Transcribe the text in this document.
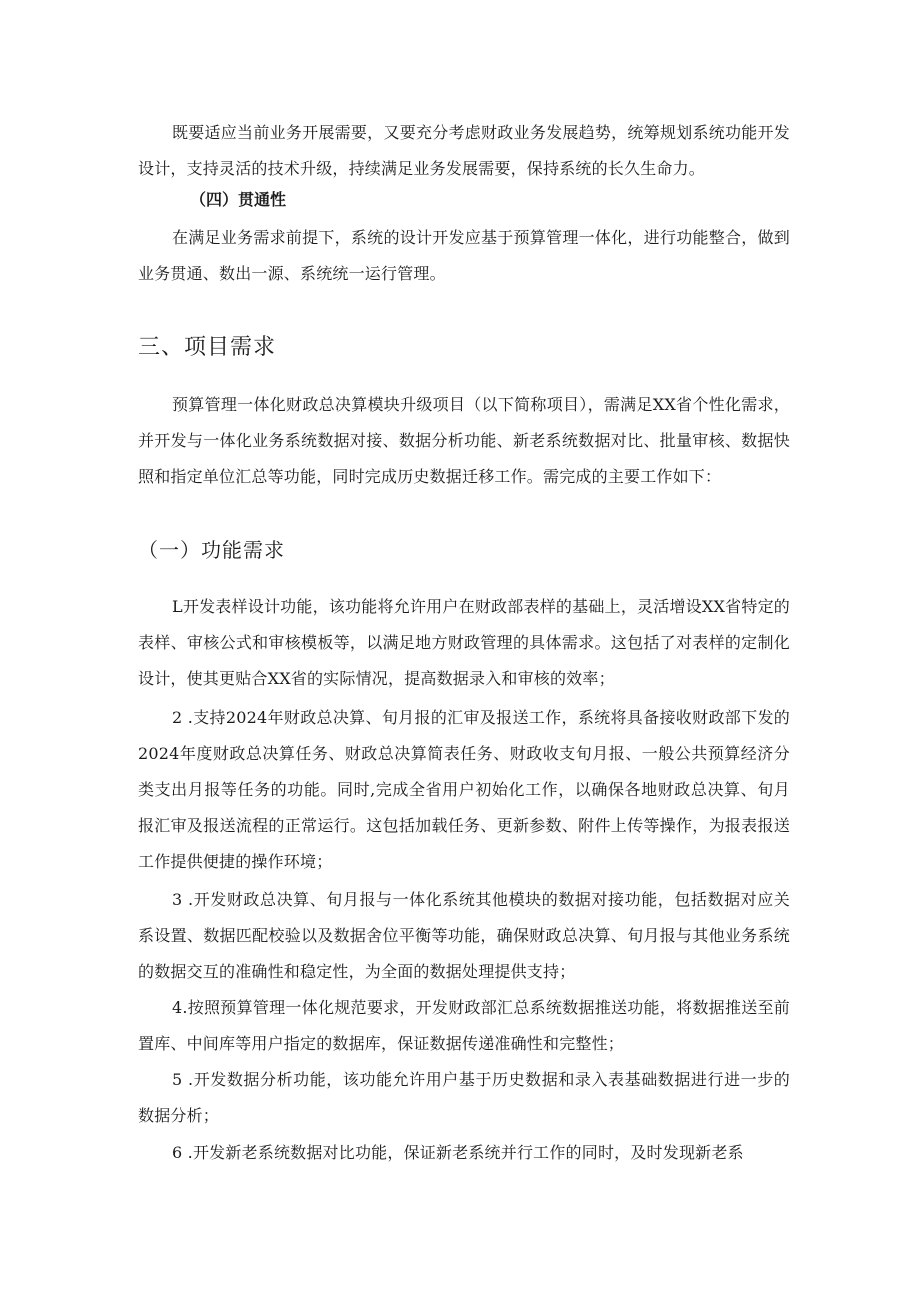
既要适应当前业务开展需要，又要充分考虑财政业务发展趋势，统筹规划系统功能开发设计，支持灵活的技术升级，持续满足业务发展需要，保持系统的长久生命力。

（四）贯通性

在满足业务需求前提下，系统的设计开发应基于预算管理一体化，进行功能整合，做到业务贯通、数出一源、系统统一运行管理。

三、项目需求

预算管理一体化财政总决算模块升级项目（以下简称项目），需满足XX省个性化需求，并开发与一体化业务系统数据对接、数据分析功能、新老系统数据对比、批量审核、数据快照和指定单位汇总等功能，同时完成历史数据迁移工作。需完成的主要工作如下：

（一）功能需求

L开发表样设计功能，该功能将允许用户在财政部表样的基础上，灵活增设XX省特定的表样、审核公式和审核模板等，以满足地方财政管理的具体需求。这包括了对表样的定制化设计，使其更贴合XX省的实际情况，提高数据录入和审核的效率；

2 .支持2024年财政总决算、旬月报的汇审及报送工作，系统将具备接收财政部下发的2024年度财政总决算任务、财政总决算简表任务、财政收支旬月报、一般公共预算经济分类支出月报等任务的功能。同时,完成全省用户初始化工作，以确保各地财政总决算、旬月报汇审及报送流程的正常运行。这包括加载任务、更新参数、附件上传等操作，为报表报送工作提供便捷的操作环境；

3 .开发财政总决算、旬月报与一体化系统其他模块的数据对接功能，包括数据对应关系设置、数据匹配校验以及数据舍位平衡等功能，确保财政总决算、旬月报与其他业务系统的数据交互的准确性和稳定性，为全面的数据处理提供支持；

4.按照预算管理一体化规范要求，开发财政部汇总系统数据推送功能，将数据推送至前置库、中间库等用户指定的数据库，保证数据传递准确性和完整性；

5 .开发数据分析功能，该功能允许用户基于历史数据和录入表基础数据进行进一步的数据分析；

6 .开发新老系统数据对比功能，保证新老系统并行工作的同时，及时发现新老系
